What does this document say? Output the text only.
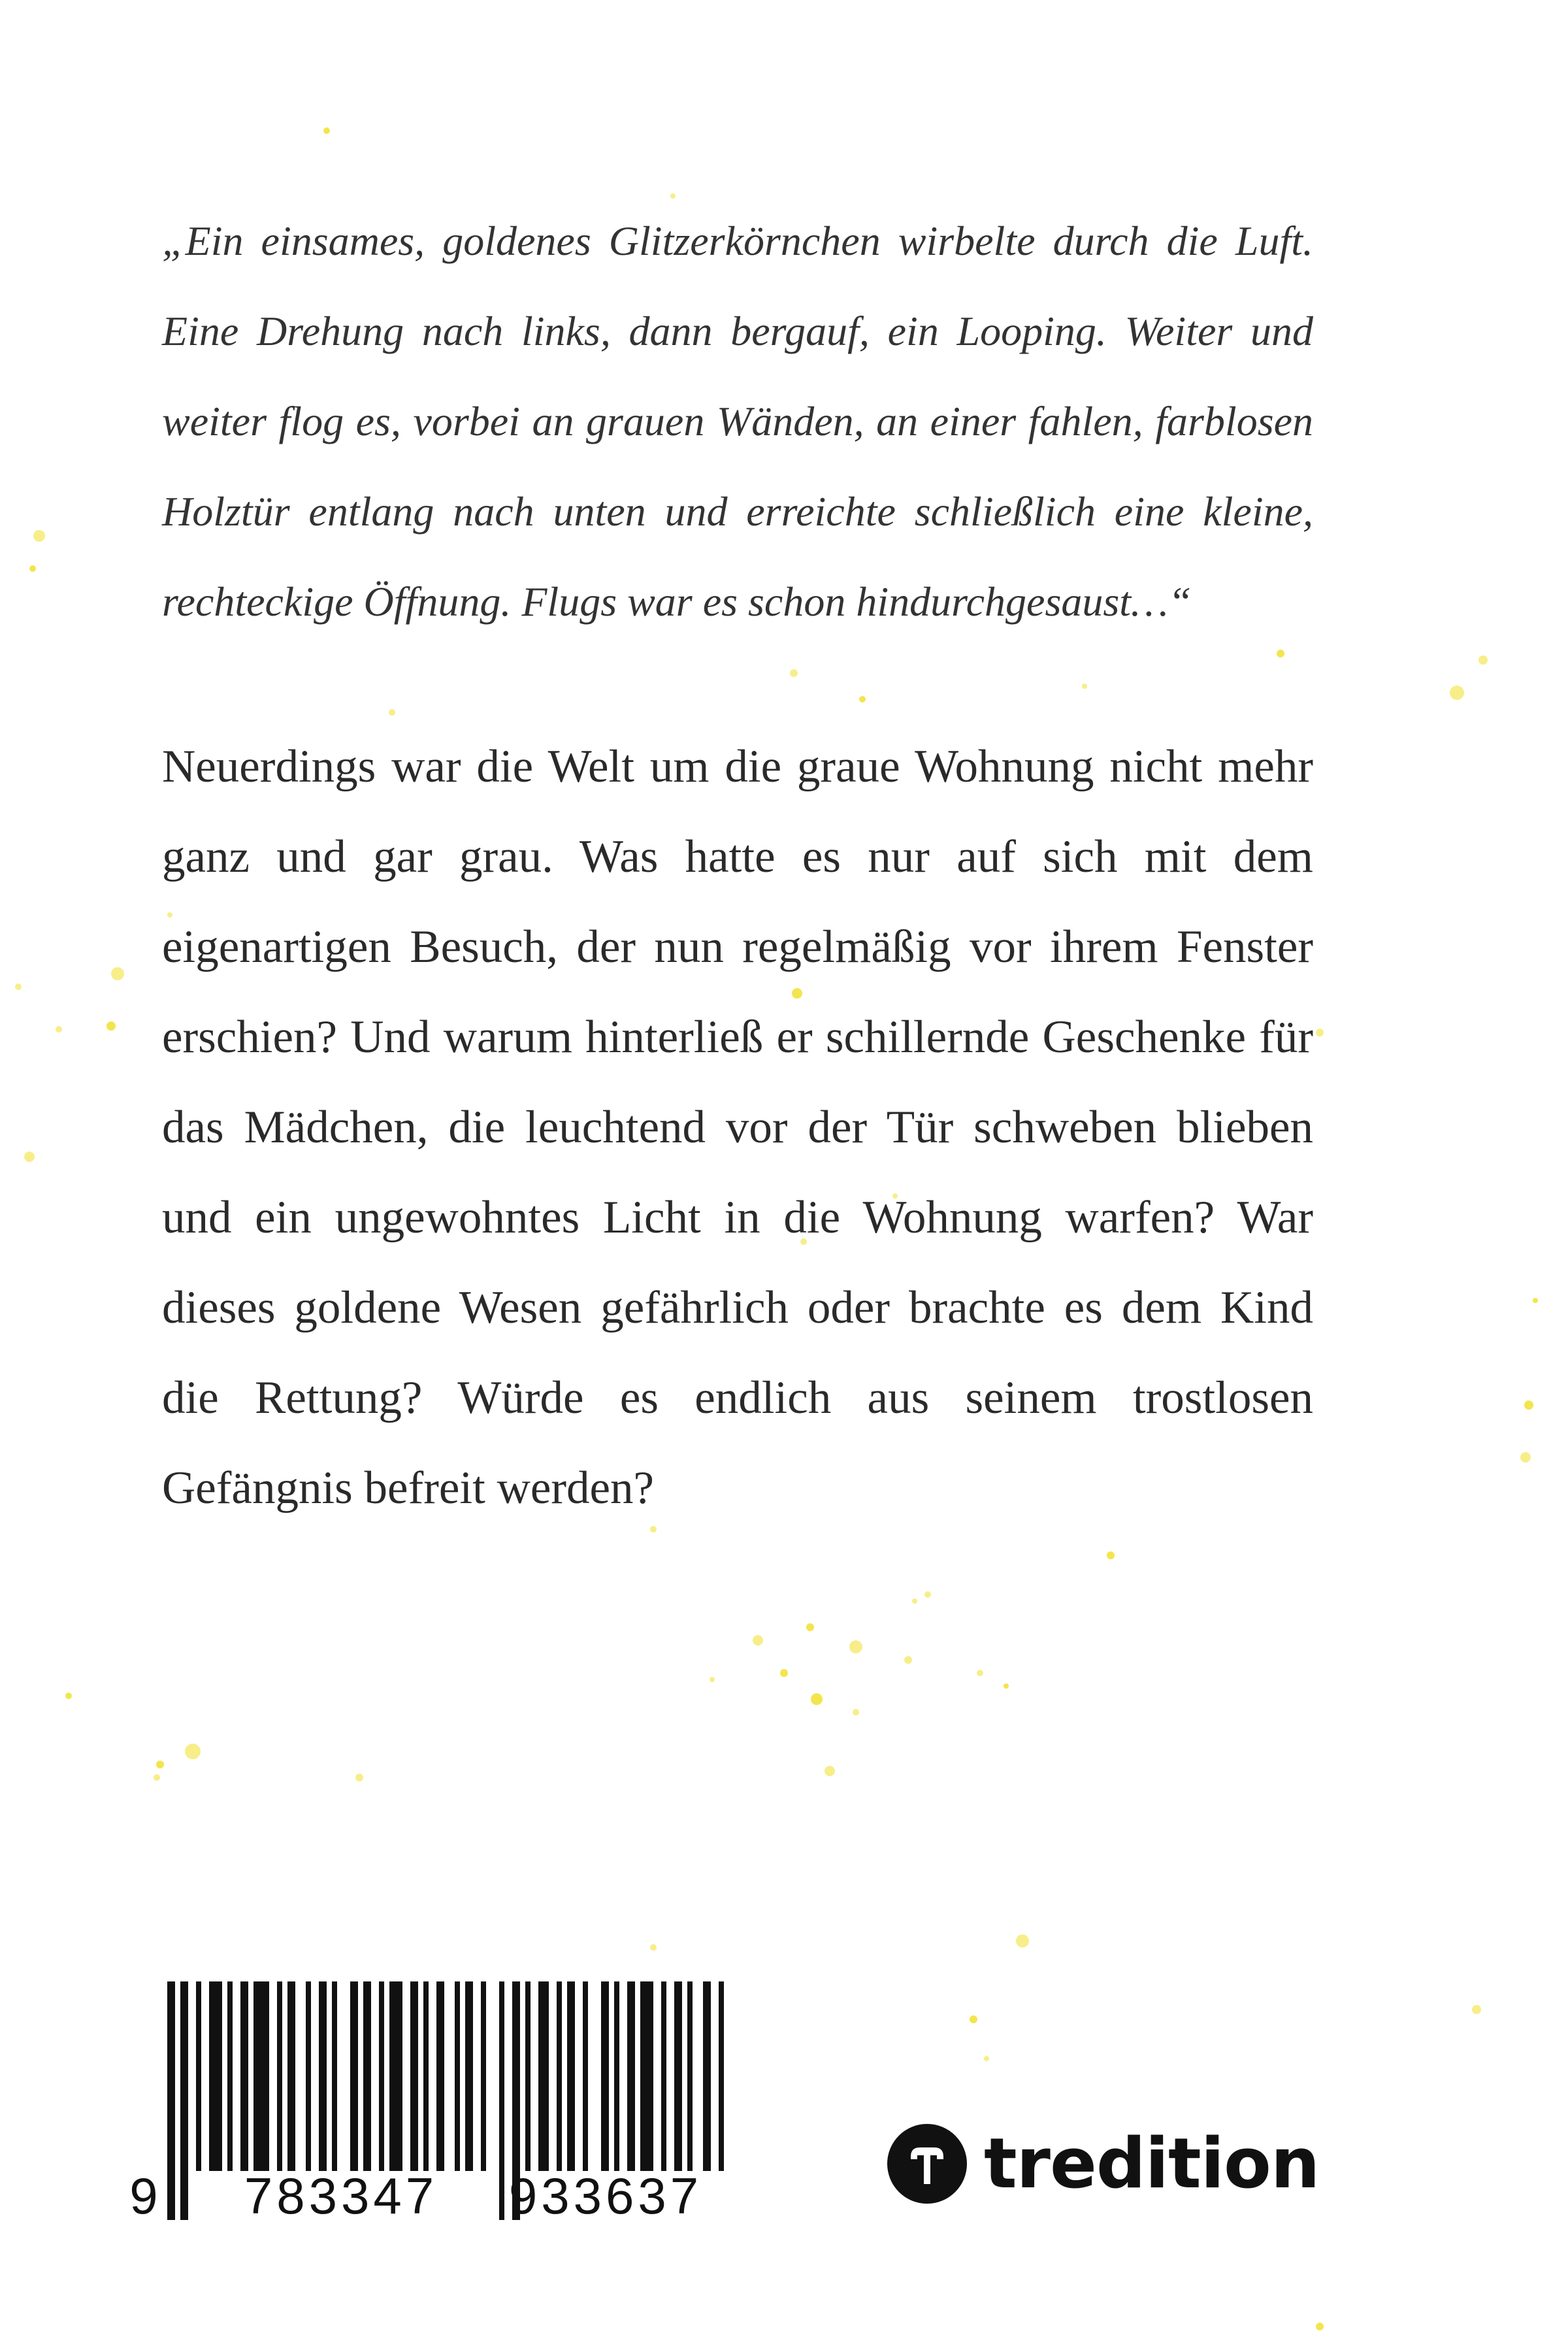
„Ein einsames, goldenes Glitzerkörnchen wirbelte durch die Luft. Eine Drehung nach links, dann bergauf, ein Looping. Weiter und weiter flog es, vorbei an grauen Wänden, an einer fahlen, farblosen Holztür entlang nach unten und erreichte schließlich eine kleine, rechteckige Öffnung. Flugs war es schon hindurchgesaust…“

Neuerdings war die Welt um die graue Wohnung nicht mehr ganz und gar grau. Was hatte es nur auf sich mit dem eigenartigen Besuch, der nun regelmäßig vor ihrem Fenster erschien? Und warum hinterließ er schillernde Geschenke für das Mädchen, die leuchtend vor der Tür schweben blieben und ein ungewohntes Licht in die Wohnung warfen? War dieses goldene Wesen gefährlich oder brachte es dem Kind die Rettung? Würde es endlich aus seinem trostlosen Gefängnis befreit werden?

9 783347 933637	tredition
